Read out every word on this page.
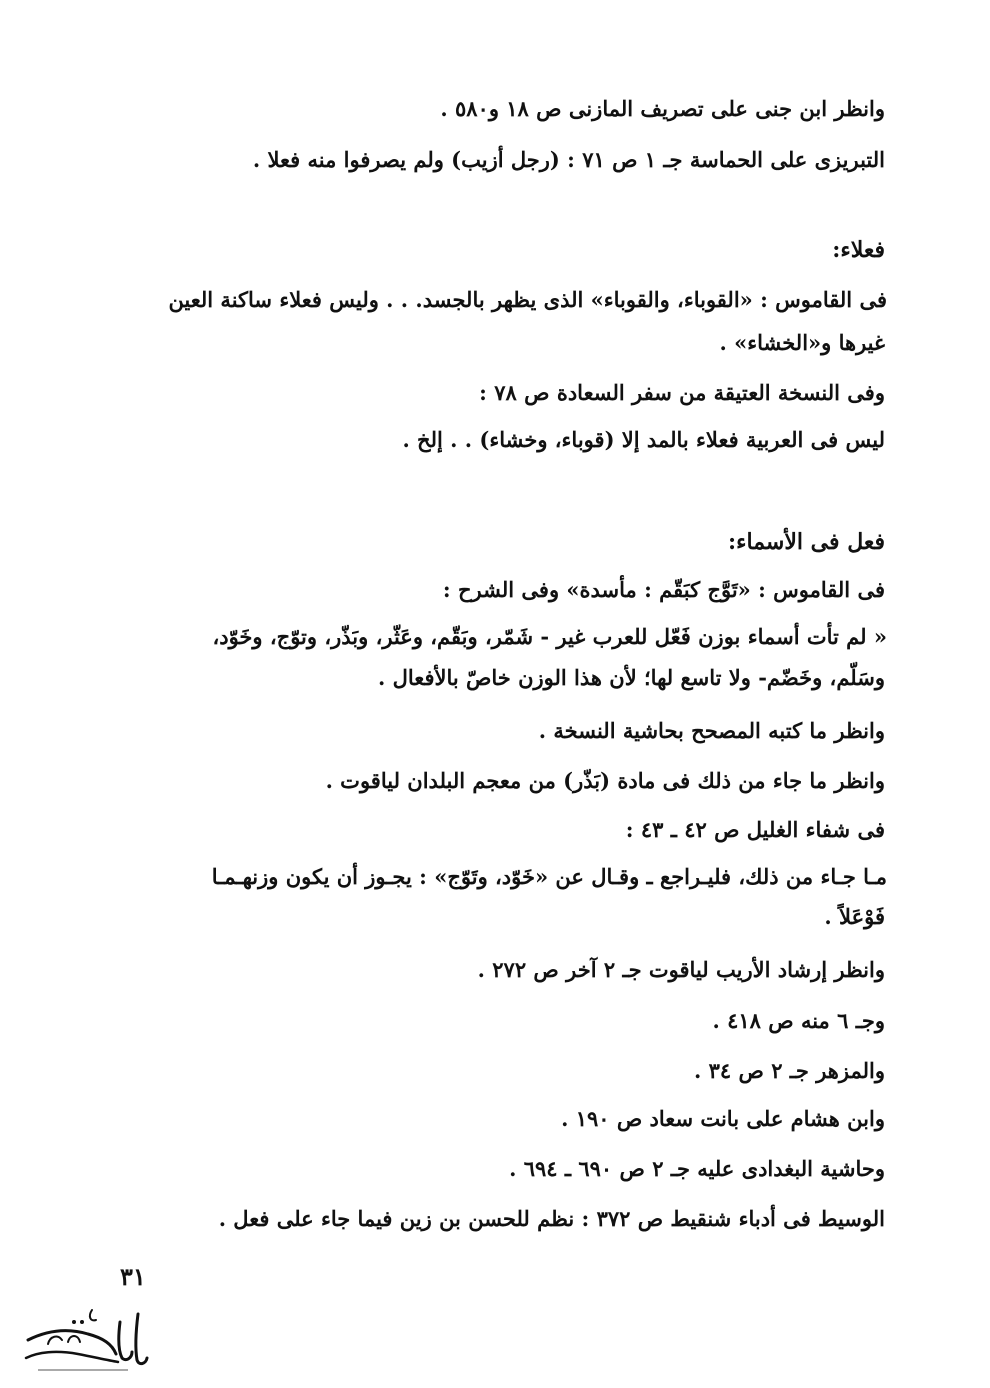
وانظر ابن جنى على تصريف المازنى ص ١٨ و٥٨٠ .
التبريزى على الحماسة جـ ١ ص ٧١ : (رجل أزيب) ولم يصرفوا منه فعلا .
فعلاء:
فى القاموس : «القوباء، والقوباء» الذى يظهر بالجسد. . . وليس فعلاء ساكنة العين
غيرها و«الخشاء» .
وفى النسخة العتيقة من سفر السعادة ص ٧٨ :
ليس فى العربية فعلاء بالمد إلا (قوباء، وخشاء) . . إلخ .
فعل فى الأسماء:
فى القاموس : «تَوَّج كبَقّم : مأسدة» وفى الشرح :
« لم تأت أسماء بوزن فَعّل للعرب غير - شَمّر، وبَقّم، وعَثّر، وبَذّر، وتوّج، وخَوّد،
وسَلّم، وخَضّم- ولا تاسع لها؛ لأن هذا الوزن خاصّ بالأفعال .
وانظر ما كتبه المصحح بحاشية النسخة .
وانظر ما جاء من ذلك فى مادة (بَذّر) من معجم البلدان لياقوت .
فى شفاء الغليل ص ٤٢ ـ ٤٣ :
مـا جـاء من ذلك، فليـراجع ـ وقـال عن «خَوّد، وتَوّج» : يجـوز أن يكون وزنهـمـا
فَوْعَلاً .
وانظر إرشاد الأريب لياقوت جـ ٢ آخر ص ٢٧٢ .
وجـ ٦ منه ص ٤١٨ .
والمزهر جـ ٢ ص ٣٤ .
وابن هشام على بانت سعاد ص ١٩٠ .
وحاشية البغدادى عليه جـ ٢ ص ٦٩٠ ـ ٦٩٤ .
الوسيط فى أدباء شنقيط ص ٣٧٢ : نظم للحسن بن زين فيما جاء على فعل .
٣١
